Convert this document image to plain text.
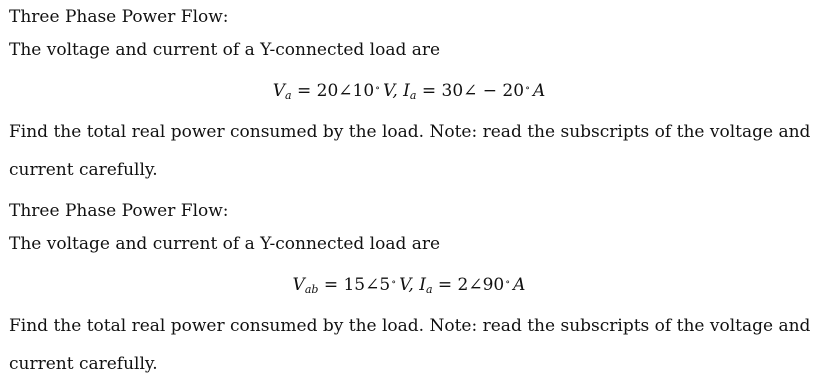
Three Phase Power Flow:
The voltage and current of a Y-connected load are
$V_a$ = 20∠10∘ V, $I_a$ = 30∠ − 20∘ A
Find the total real power consumed by the load. Note: read the subscripts of the voltage and
current carefully.
Three Phase Power Flow:
The voltage and current of a Y-connected load are
$V_{ab}$ = 15∠5∘ V, $I_a$ = 2∠90∘ A
Find the total real power consumed by the load. Note: read the subscripts of the voltage and
current carefully.
